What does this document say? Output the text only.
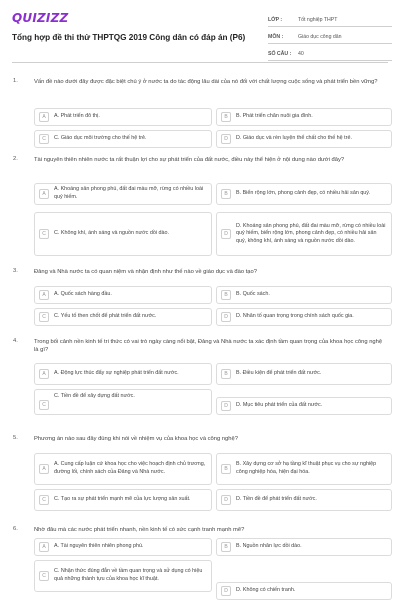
QUIZIZZ
Tổng hợp đề thi thử THPTQG 2019 Công dân có đáp án (P6)
LỚP :	Tốt nghiệp THPT
MÔN :	Giáo dục công dân
SỐ CÂU :	40
1.	Vấn đề nào dưới đây được đặc biệt chú ý ở nước ta do tác động lâu dài của nó đối với chất lượng cuộc sống và phát triển bền vững?
A	A. Phát triển đô thị.	B	B. Phát triển chăn nuôi gia đình.
C	C. Giáo dục môi trường cho thế hệ trẻ.	D	D. Giáo dục và rèn luyện thể chất cho thế hệ trẻ.
2.	Tài nguyên thiên nhiên nước ta rất thuận lợi cho sự phát triển của đất nước, điều này thể hiện ở nội dung nào dưới đây?
A
A. Khoáng sản phong phú, đất đai màu mỡ, rừng có nhiều loài quý hiếm.	B	B. Biển rộng lớn, phong cảnh đẹp, có nhiều hải sản quý.
C	C. Không khí, ánh sáng và nguồn nước dồi dào.	D
D. Khoáng sản phong phú, đất đai màu mỡ, rừng có nhiều loài quý hiếm, biển rộng lớn, phong cảnh đẹp, có nhiều hải sản quý, không khí, ánh sáng và nguồn nước dồi dào.
3.	Đảng và Nhà nước ta có quan niệm và nhận định như thế nào về giáo dục và đào tạo?
A	A. Quốc sách hàng đầu.	B	B. Quốc sách.
C	C. Yếu tố then chốt để phát triển đất nước.	D	D. Nhân tố quan trọng trong chính sách quốc gia.
4.	Trong bối cảnh nền kinh tế tri thức có vai trò ngày càng nổi bật, Đảng và Nhà nước ta xác định tầm quan trọng của khoa học công nghệ là gì?
A	A. Động lực thúc đẩy sự nghiệp phát triển đất nước.	B	B. Điều kiện để phát triển đất nước.
C
C. Tiền đề để xây dựng đất nước.
D	D. Mục tiêu phát triển của đất nước.
5.	Phương án nào sau đây đúng khi nói về nhiệm vụ của khoa học và công nghệ?
A
A. Cung cấp luận cứ khoa học cho việc hoạch định chủ trương, đường lối, chính sách của Đảng và Nhà nước.	B
B. Xây dựng cơ sở hạ tầng kĩ thuật phục vụ cho sự nghiệp công nghiệp hóa, hiện đại hóa.
C	C. Tạo ra sự phát triển mạnh mẽ của lực lượng sản xuất.	D	D. Tiền đề để phát triển đất nước.
6.	Nhờ đâu mà các nước phát triển nhanh, nền kinh tế có sức cạnh tranh mạnh mẽ?
A	A. Tài nguyên thiên nhiên phong phú.	B	B. Nguồn nhân lực dồi dào.
C
C. Nhận thức đúng đắn về tầm quan trọng và sử dụng có hiệu quả những thành tựu của khoa học kĩ thuật.
D	D. Không có chiến tranh.
